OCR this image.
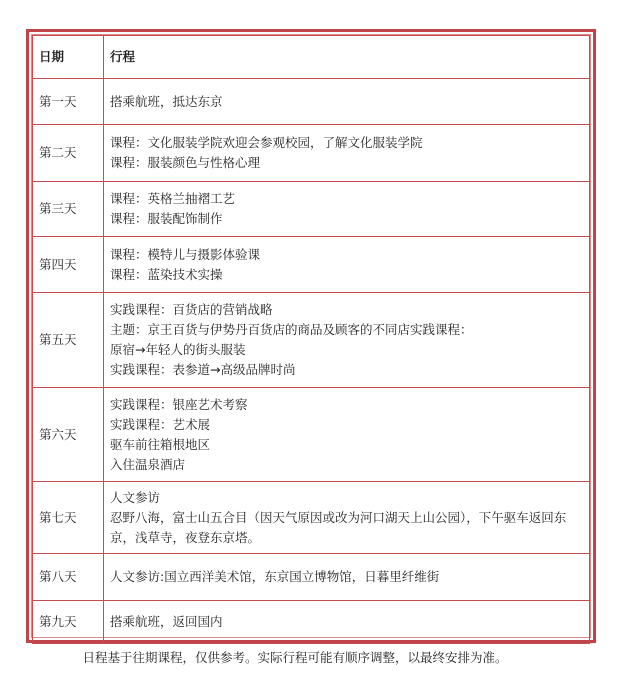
日期	行程
第一天	搭乘航班，抵达东京

第二天	课程：文化服装学院欢迎会参观校园，了解文化服装学院
课程：服装颜色与性格心理

第三天	课程：英格兰抽褶工艺
课程：服装配饰制作

第四天	课程：模特儿与摄影体验课
课程：蓝染技术实操

第五天	实践课程：百货店的营销战略
主题：京王百货与伊势丹百货店的商品及顾客的不同店实践课程：
原宿→年轻人的街头服装
实践课程：表参道→高级品牌时尚

第六天	实践课程：银座艺术考察
实践课程：艺术展
驱车前往箱根地区
入住温泉酒店

第七天	人文参访
忍野八海，富士山五合目（因天气原因或改为河口湖天上山公园），下午驱车返回东京，浅草寺，夜登东京塔。

第八天	人文参访:国立西洋美术馆，东京国立博物馆，日暮里纤维街

第九天	搭乘航班，返回国内
日程基于往期课程，仅供参考。实际行程可能有顺序调整，以最终安排为准。
